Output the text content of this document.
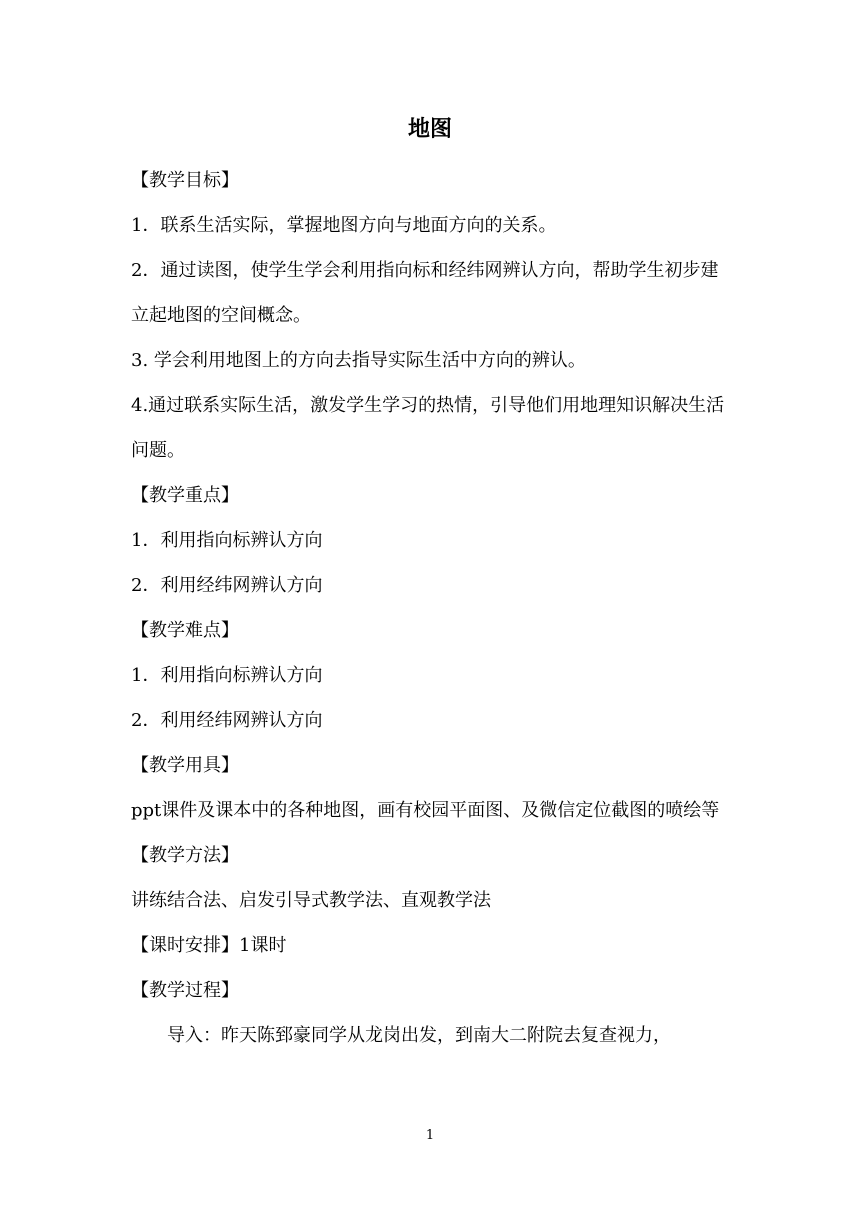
地图

【教学目标】

1．联系生活实际，掌握地图方向与地面方向的关系。

2．通过读图，使学生学会利用指向标和经纬网辨认方向，帮助学生初步建立起地图的空间概念。

3. 学会利用地图上的方向去指导实际生活中方向的辨认。

4.通过联系实际生活，激发学生学习的热情，引导他们用地理知识解决生活问题。

【教学重点】

1．利用指向标辨认方向

2．利用经纬网辨认方向

【教学难点】

1．利用指向标辨认方向

2．利用经纬网辨认方向

【教学用具】

ppt课件及课本中的各种地图，画有校园平面图、及微信定位截图的喷绘等

【教学方法】

讲练结合法、启发引导式教学法、直观教学法

【课时安排】1课时

【教学过程】

导入：昨天陈郅豪同学从龙岗出发，到南大二附院去复查视力，

1
